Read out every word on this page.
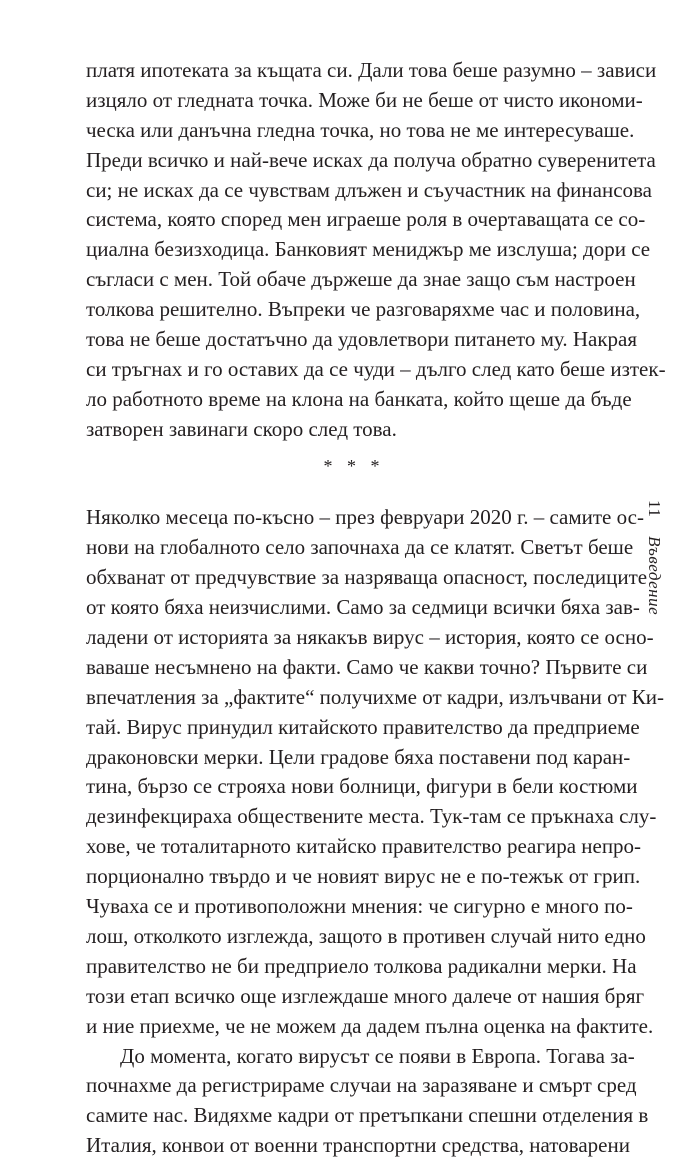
платя ипотеката за къщата си. Дали това беше разумно – зависи
изцяло от гледната точка. Може би не беше от чисто икономи-
ческа или данъчна гледна точка, но това не ме интересуваше.
Преди всичко и най-вече исках да получа обратно суверенитета
си; не исках да се чувствам длъжен и съучастник на финансова
система, която според мен играеше роля в очертаващата се со-
циална безизходица. Банковият мениджър ме изслуша; дори се
съгласи с мен. Той обаче държеше да знае защо съм настроен
толкова решително. Въпреки че разговаряхме час и половина,
това не беше достатъчно да удовлетвори питането му. Накрая
си тръгнах и го оставих да се чуди – дълго след като беше изтек-
ло работното време на клона на банката, който щеше да бъде
затворен завинаги скоро след това.
* * *
Няколко месеца по-късно – през февруари 2020 г. – самите ос-
нови на глобалното село започнаха да се клатят. Светът беше
обхванат от предчувствие за назряваща опасност, последиците
от която бяха неизчислими. Само за седмици всички бяха зав-
ладени от историята за някакъв вирус – история, която се осно-
ваваше несъмнено на факти. Само че какви точно? Първите си
впечатления за „фактите“ получихме от кадри, излъчвани от Ки-
тай. Вирус принудил китайското правителство да предприеме
драконовски мерки. Цели градове бяха поставени под каран-
тина, бързо се строяха нови болници, фигури в бели костюми
дезинфекцираха обществените места. Тук-там се пръкнаха слу-
хове, че тоталитарното китайско правителство реагира непро-
порционално твърдо и че новият вирус не е по-тежък от грип.
Чуваха се и противоположни мнения: че сигурно е много по-
лош, отколкото изглежда, защото в противен случай нито едно
правителство не би предприело толкова радикални мерки. На
този етап всичко още изглеждаше много далече от нашия бряг
и ние приехме, че не можем да дадем пълна оценка на фактите.
До момента, когато вирусът се появи в Европа. Тогава за-
почнахме да регистрираме случаи на заразяване и смърт сред
самите нас. Видяхме кадри от претъпкани спешни отделения в
Италия, конвои от военни транспортни средства, натоварени
11 Въведение
